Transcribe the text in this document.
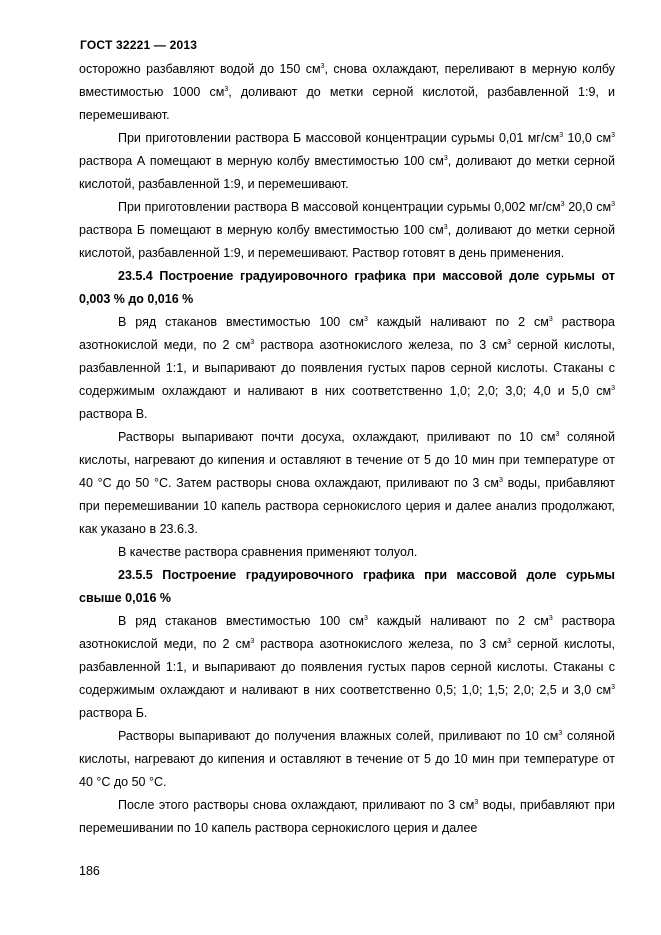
ГОСТ 32221 — 2013

осторожно разбавляют водой до 150 $см^3$, снова охлаждают, переливают в мерную колбу вместимостью 1000 $см^3$, доливают до метки серной кислотой, разбавленной 1:9, и перемешивают.

При приготовлении раствора Б массовой концентрации сурьмы 0,01 $мг/см^3$ 10,0 $см^3$ раствора А помещают в мерную колбу вместимостью 100 $см^3$, доливают до метки серной кислотой, разбавленной 1:9, и перемешивают.

При приготовлении раствора В массовой концентрации сурьмы 0,002 $мг/см^3$ 20,0 $см^3$ раствора Б помещают в мерную колбу вместимостью 100 $см^3$, доливают до метки серной кислотой, разбавленной 1:9, и перемешивают. Раствор готовят в день применения.

23.5.4 Построение градуировочного графика при массовой доле сурьмы от 0,003 % до 0,016 %

В ряд стаканов вместимостью 100 $см^3$ каждый наливают по 2 $см^3$ раствора азотнокислой меди, по 2 $см^3$ раствора азотнокислого железа, по 3 $см^3$ серной кислоты, разбавленной 1:1, и выпаривают до появления густых паров серной кислоты. Стаканы с содержимым охлаждают и наливают в них соответственно 1,0; 2,0; 3,0; 4,0 и 5,0 $см^3$ раствора В.

Растворы выпаривают почти досуха, охлаждают, приливают по 10 $см^3$ соляной кислоты, нагревают до кипения и оставляют в течение от 5 до 10 мин при температуре от 40 °С до 50 °С. Затем растворы снова охлаждают, приливают по 3 $см^3$ воды, прибавляют при перемешивании 10 капель раствора сернокислого церия и далее анализ продолжают, как указано в 23.6.3.

В качестве раствора сравнения применяют толуол.

23.5.5 Построение градуировочного графика при массовой доле сурьмы свыше 0,016 %

В ряд стаканов вместимостью 100 $см^3$ каждый наливают по 2 $см^3$ раствора азотнокислой меди, по 2 $см^3$ раствора азотнокислого железа, по 3 $см^3$ серной кислоты, разбавленной 1:1, и выпаривают до появления густых паров серной кислоты. Стаканы с содержимым охлаждают и наливают в них соответственно 0,5; 1,0; 1,5; 2,0; 2,5 и 3,0 $см^3$ раствора Б.

Растворы выпаривают до получения влажных солей, приливают по 10 $см^3$ соляной кислоты, нагревают до кипения и оставляют в течение от 5 до 10 мин при температуре от 40 °С до 50 °С.

После этого растворы снова охлаждают, приливают по 3 $см^3$ воды, прибавляют при перемешивании по 10 капель раствора сернокислого церия и далее

186
